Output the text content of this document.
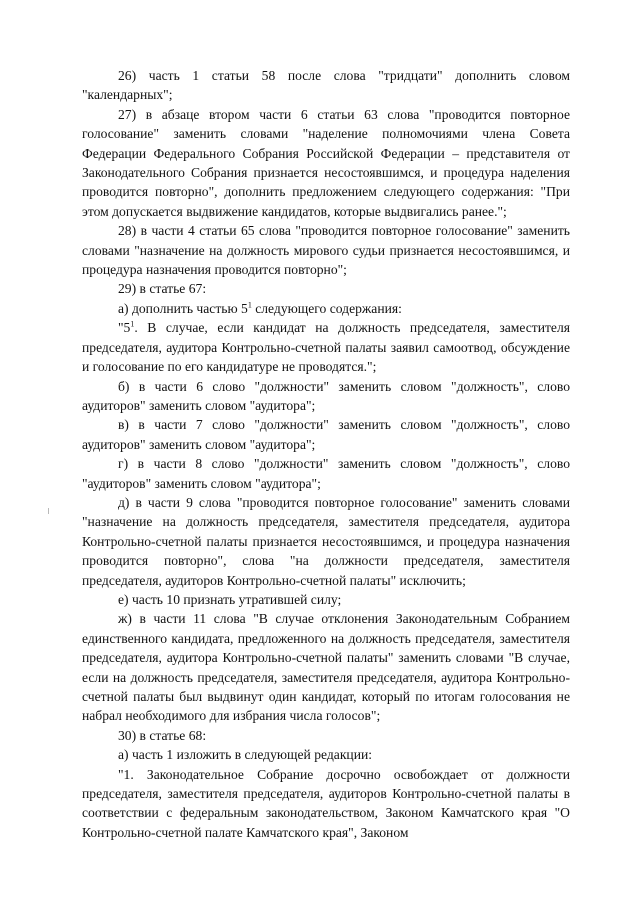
26) часть 1 статьи 58 после слова "тридцати" дополнить словом "календарных";

27) в абзаце втором части 6 статьи 63 слова "проводится повторное голосование" заменить словами "наделение полномочиями члена Совета Федерации Федерального Собрания Российской Федерации – представителя от Законодательного Собрания признается несостоявшимся, и процедура наделения проводится повторно", дополнить предложением следующего содержания: "При этом допускается выдвижение кандидатов, которые выдвигались ранее.";

28) в части 4 статьи 65 слова "проводится повторное голосование" заменить словами "назначение на должность мирового судьи признается несостоявшимся, и процедура назначения проводится повторно";

29) в статье 67:

а) дополнить частью $5^1$ следующего содержания:

"$5^1$. В случае, если кандидат на должность председателя, заместителя председателя, аудитора Контрольно-счетной палаты заявил самоотвод, обсуждение и голосование по его кандидатуре не проводятся.";

б) в части 6 слово "должности" заменить словом "должность", слово аудиторов" заменить словом "аудитора";

в) в части 7 слово "должности" заменить словом "должность", слово аудиторов" заменить словом "аудитора";

г) в части 8 слово "должности" заменить словом "должность", слово "аудиторов" заменить словом "аудитора";

д) в части 9 слова "проводится повторное голосование" заменить словами "назначение на должность председателя, заместителя председателя, аудитора Контрольно-счетной палаты признается несостоявшимся, и процедура назначения проводится повторно", слова "на должности председателя, заместителя председателя, аудиторов Контрольно-счетной палаты" исключить;

е) часть 10 признать утратившей силу;

ж) в части 11 слова "В случае отклонения Законодательным Собранием единственного кандидата, предложенного на должность председателя, заместителя председателя, аудитора Контрольно-счетной палаты" заменить словами "В случае, если на должность председателя, заместителя председателя, аудитора Контрольно-счетной палаты был выдвинут один кандидат, который по итогам голосования не набрал необходимого для избрания числа голосов";

30) в статье 68:

а) часть 1 изложить в следующей редакции:

"1. Законодательное Собрание досрочно освобождает от должности председателя, заместителя председателя, аудиторов Контрольно-счетной палаты в соответствии с федеральным законодательством, Законом Камчатского края "О Контрольно-счетной палате Камчатского края", Законом
